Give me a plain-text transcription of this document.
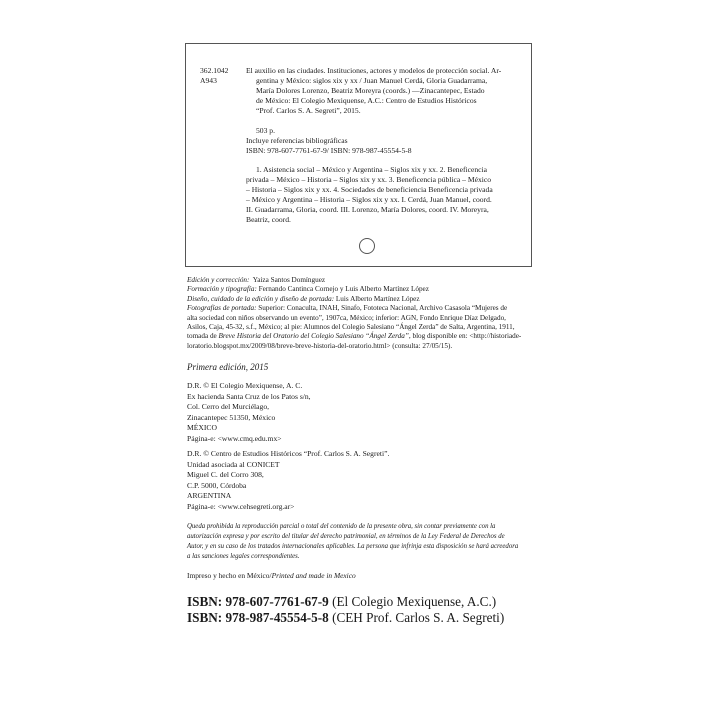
362.1042
A943

El auxilio en las ciudades. Instituciones, actores y modelos de protección social. Ar-

gentina y México: siglos xix y xx / Juan Manuel Cerdá, Gloria Guadarrama,

María Dolores Lorenzo, Beatriz Moreyra (coords.) —Zinacantepec, Estado

de México: El Colegio Mexiquense, A.C.: Centro de Estudios Históricos

“Prof. Carlos S. A. Segreti”, 2015.

503 p.

Incluye referencias bibliográficas

ISBN: 978-607-7761-67-9/ ISBN: 978-987-45554-5-8

1. Asistencia social – México y Argentina – Siglos xix y xx. 2. Beneficencia

privada – México – Historia – Siglos xix y xx. 3. Beneficencia pública – México

– Historia – Siglos xix y xx. 4. Sociedades de beneficiencia Beneficencia privada

– México y Argentina – Historia – Siglos xix y xx. I. Cerdá, Juan Manuel, coord.

II. Guadarrama, Gloria, coord. III. Lorenzo, María Dolores, coord. IV. Moreyra,

Beatriz, coord.

Edición y corrección: Yaiza Santos Domínguez

Formación y tipografía: Fernando Cantinca Cornejo y Luis Alberto Martínez López

Diseño, cuidado de la edición y diseño de portada: Luis Alberto Martínez López

Fotografías de portada: Superior: Conaculta, INAH, Sinafo, Fototeca Nacional, Archivo Casasola “Mujeres de

alta sociedad con niños observando un evento”, 1907ca, México; inferior: AGN, Fondo Enrique Díaz Delgado,

Asilos, Caja, 45-32, s.f., México; al pie: Alumnos del Colegio Salesiano “Ángel Zerda” de Salta, Argentina, 1911,

tomada de Breve Historia del Oratorio del Colegio Salesiano “Ángel Zerda”, blog disponible en: <http://historiade-

loratorio.blogspot.mx/2009/08/breve-breve-historia-del-oratorio.html> (consulta: 27/05/15).

Primera edición, 2015

D.R. © El Colegio Mexiquense, A. C.

Ex hacienda Santa Cruz de los Patos s/n,

Col. Cerro del Murciélago,

Zinacantepec 51350, México

MÉXICO

Página-e: <www.cmq.edu.mx>

D.R. © Centro de Estudios Históricos “Prof. Carlos S. A. Segreti”.

Unidad asociada al CONICET

Miguel C. del Corro 308,

C.P. 5000, Córdoba

ARGENTINA

Página-e: <www.cehsegreti.org.ar>

Queda prohibida la reproducción parcial o total del contenido de la presente obra, sin contar previamente con la
autorización expresa y por escrito del titular del derecho patrimonial, en términos de la Ley Federal de Derechos de
Autor, y en su caso de los tratados internacionales aplicables. La persona que infrinja esta disposición se hará acreedora
a las sanciones legales correspondientes.
Impreso y hecho en México/Printed and made in Mexico
ISBN: 978-607-7761-67-9 (El Colegio Mexiquense, A.C.)
ISBN: 978-987-45554-5-8 (CEH Prof. Carlos S. A. Segreti)
